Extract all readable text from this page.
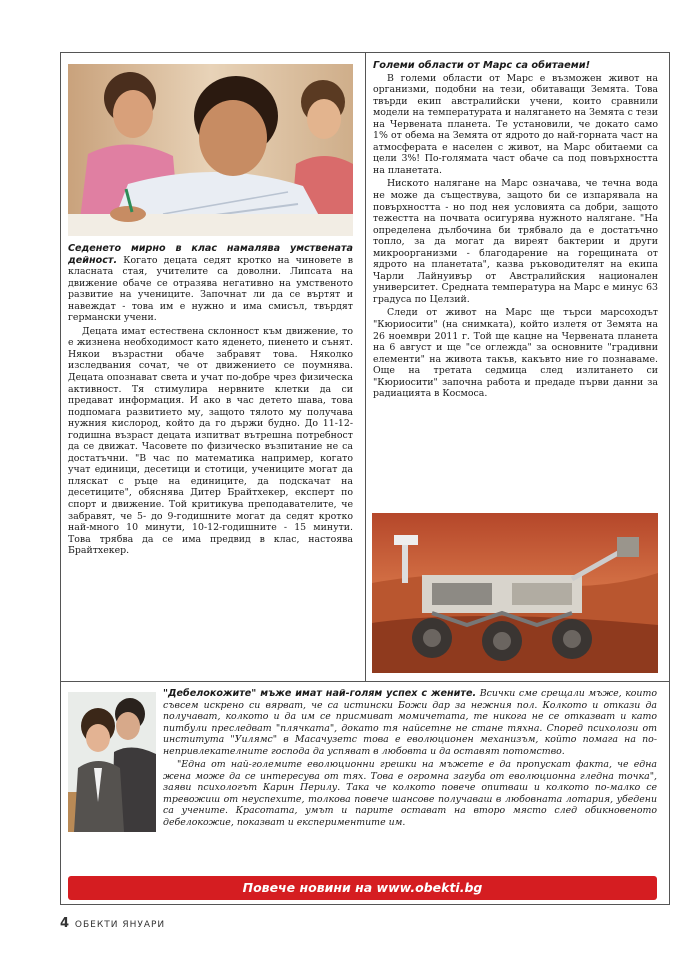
Седенето мирно в клас намалява умствената дейност. Когато децата седят кротко на чиновете в класната стая, учителите са доволни. Липсата на движение обаче се отразява негативно на умственото развитие на учениците. Започнат ли да се въртят и навеждат - това им е нужно и има смисъл, твърдят германски учени.

Децата имат естествена склонност към движение, то е жизнена необходимост като яденето, пиенето и сънят. Някои възрастни обаче забравят това. Няколко изследвания сочат, че от движението се поумнява. Децата опознават света и учат по-добре чрез физическа активност. Тя стимулира нервните клетки да си предават информация. И ако в час детето шава, това подпомага развитието му, защото тялото му получава нужния кислород, който да го държи будно. До 11-12-годишна възраст децата изпитват вътрешна потребност да се движат. Часовете по физическо възпитание не са достатъчни. "В час по математика например, когато учат единици, десетици и стотици, учениците могат да пляскат с ръце на единиците, да подскачат на десетиците", обяснява Дитер Брайтхекер, експерт по спорт и движение. Той критикува преподавателите, че забравят, че 5- до 9-годишните могат да седят кротко най-много 10 минути, 10-12-годишните - 15 минути. Това трябва да се има предвид в клас, настоява Брайтхекер.

Големи области от Марс са обитаеми!

В големи области от Марс е възможен живот на организми, подобни на тези, обитаващи Земята. Това твърди екип австралийски учени, които сравнили модели на температурата и налягането на Земята с тези на Червената планета. Те установили, че докато само 1% от обема на Земята от ядрото до най-горната част на атмосферата е населен с живот, на Марс обитаеми са цели 3%! По-голямата част обаче са под повърхността на планетата.

Ниското налягане на Марс означава, че течна вода не може да съществува, защото би се изпарявала на повърхността - но под нея условията са добри, защото тежестта на почвата осигурява нужното налягане. "На определена дълбочина би трябвало да е достатъчно топло, за да могат да виреят бактерии и други микроорганизми - благодарение на горещината от ядрото на планетата", казва ръководителят на екипа Чарли Лайнуивър от Австралийския национален университет. Средната температура на Марс е минус 63 градуса по Целзий.

Следи от живот на Марс ще търси марсоходът "Кюриосити" (на снимката), който излетя от Земята на 26 ноември 2011 г. Той ще кацне на Червената планета на 6 август и ще "се оглежда" за основните "градивни елементи" на живота такъв, какъвто ние го познаваме. Още на третата седмица след излитането си "Кюриосити" започна работа и предаде първи данни за радиацията в Космоса.

"Дебелокожите" мъже имат най-голям успех с жените. Всички сме срещали мъже, които съвсем искрено си вярват, че са истински Божи дар за нежния пол. Колкото и откази да получават, колкото и да им се присмиват момичетата, те никога не се отказват и като питбули преследват "плячката", докато тя найсетне не стане тяхна. Според психолози от института "Уилямс" в Масачузетс това е еволюционен механизъм, който помага на по-непривлекателните господа да успяват в любовта и да оставят потомство.

"Една от най-големите еволюционни грешки на мъжете е да пропускат факта, че една жена може да се интересува от тях. Това е огромна загуба от еволюционна гледна точка", заяви психологът Карин Перилу. Така че колкото повече опитваш и колкото по-малко се тревожиш от неуспехите, толкова повече шансове получаваш в любовната лотария, убедени са учените. Красотата, умът и парите остават на второ място след обикновеното дебелокожие, показват и експериментите им.

Повече новини на www.obekti.bg
4 ОБЕКТИ ЯНУАРИ
